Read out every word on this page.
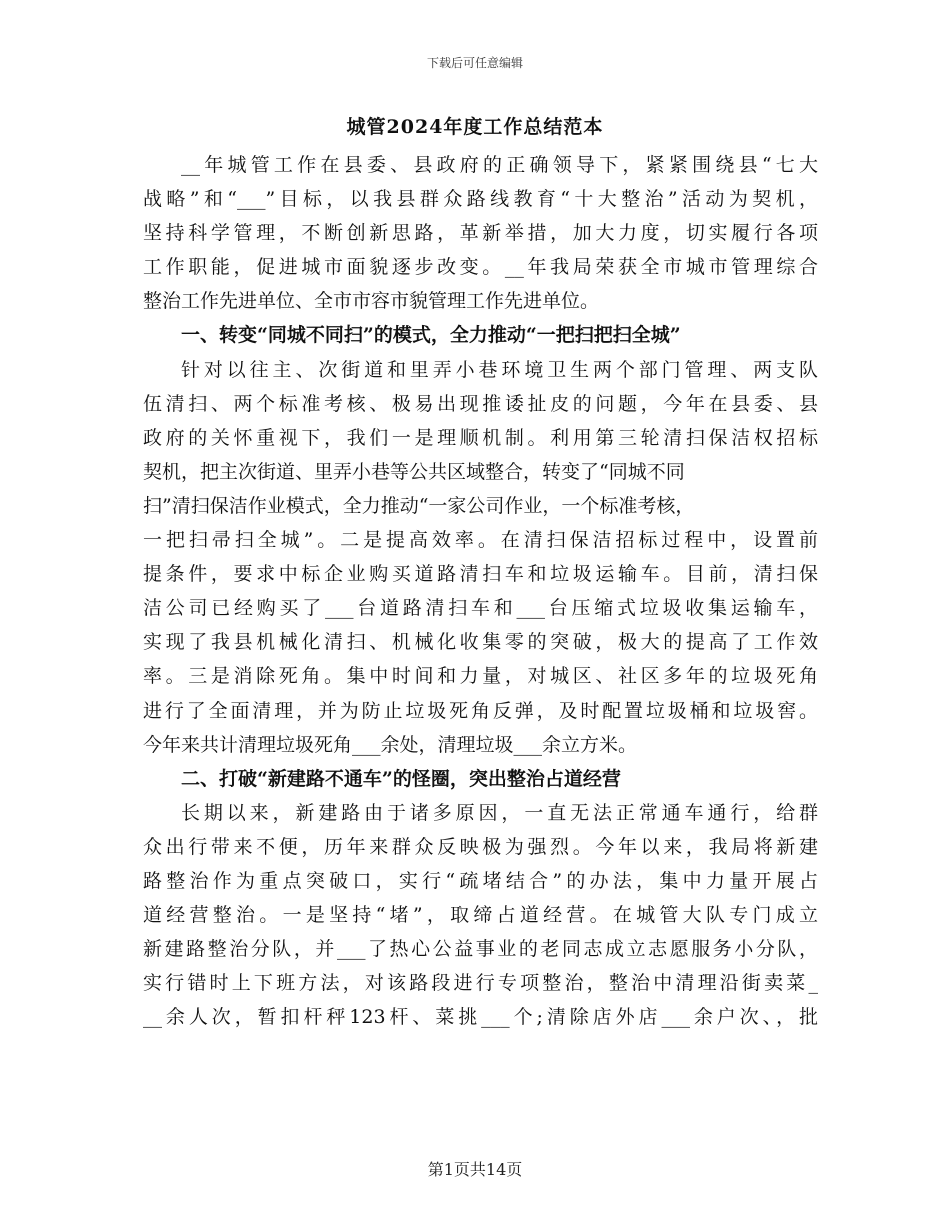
下载后可任意编辑
城管2024年度工作总结范本
__年城管工作在县委、县政府的正确领导下，紧紧围绕县“七大
战略”和“___”目标，以我县群众路线教育“十大整治”活动为契机，
坚持科学管理，不断创新思路，革新举措，加大力度，切实履行各项
工作职能，促进城市面貌逐步改变。__年我局荣获全市城市管理综合
整治工作先进单位、全市市容市貌管理工作先进单位。
一、转变“同城不同扫”的模式，全力推动“一把扫把扫全城”
针对以往主、次街道和里弄小巷环境卫生两个部门管理、两支队
伍清扫、两个标准考核、极易出现推诿扯皮的问题，今年在县委、县
政府的关怀重视下，我们一是理顺机制。利用第三轮清扫保洁权招标
契机，把主次街道、里弄小巷等公共区域整合，转变了“同城不同
扫”清扫保洁作业模式，全力推动“一家公司作业，一个标准考核，
一把扫帚扫全城”。二是提高效率。在清扫保洁招标过程中，设置前
提条件，要求中标企业购买道路清扫车和垃圾运输车。目前，清扫保
洁公司已经购买了___台道路清扫车和___台压缩式垃圾收集运输车，
实现了我县机械化清扫、机械化收集零的突破，极大的提高了工作效
率。三是消除死角。集中时间和力量，对城区、社区多年的垃圾死角
进行了全面清理，并为防止垃圾死角反弹，及时配置垃圾桶和垃圾窖。
今年来共计清理垃圾死角___余处，清理垃圾___余立方米。
二、打破“新建路不通车”的怪圈，突出整治占道经营
长期以来，新建路由于诸多原因，一直无法正常通车通行，给群
众出行带来不便，历年来群众反映极为强烈。今年以来，我局将新建
路整治作为重点突破口，实行“疏堵结合”的办法，集中力量开展占
道经营整治。一是坚持“堵”，取缔占道经营。在城管大队专门成立
新建路整治分队，并___了热心公益事业的老同志成立志愿服务小分队，
实行错时上下班方法，对该路段进行专项整治，整治中清理沿街卖菜_
__余人次，暂扣杆秤123杆、菜挑___个;清除店外店___余户次、，批
第1页共14页
